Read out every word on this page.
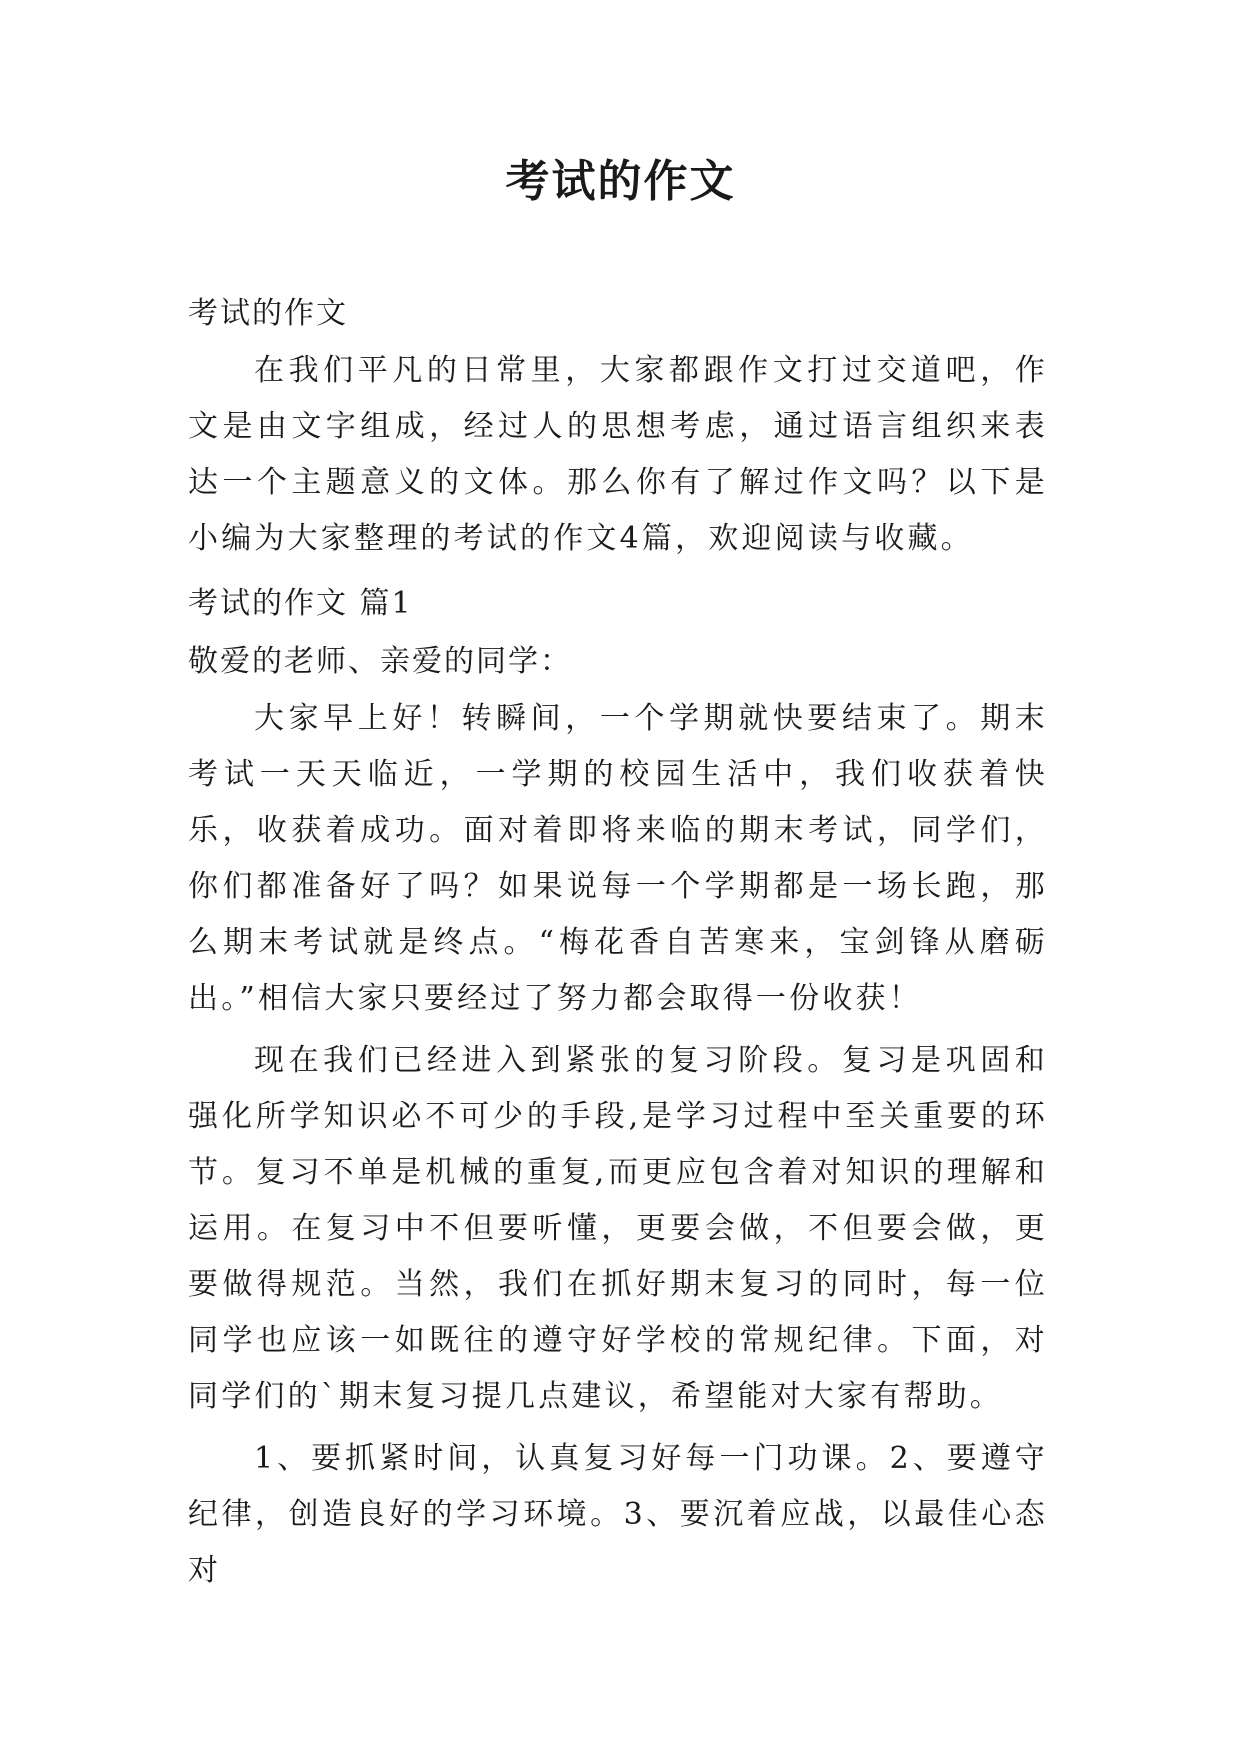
考试的作文
考试的作文

在我们平凡的日常里，大家都跟作文打过交道吧，作文是由文字组成，经过人的思想考虑，通过语言组织来表达一个主题意义的文体。那么你有了解过作文吗？以下是小编为大家整理的考试的作文4篇，欢迎阅读与收藏。

考试的作文 篇1
敬爱的老师、亲爱的同学：

大家早上好！转瞬间，一个学期就快要结束了。期末考试一天天临近，一学期的校园生活中，我们收获着快乐，收获着成功。面对着即将来临的期末考试，同学们，你们都准备好了吗？如果说每一个学期都是一场长跑，那么期末考试就是终点。“梅花香自苦寒来，宝剑锋从磨砺出。”相信大家只要经过了努力都会取得一份收获！

现在我们已经进入到紧张的复习阶段。复习是巩固和强化所学知识必不可少的手段,是学习过程中至关重要的环节。复习不单是机械的重复,而更应包含着对知识的理解和运用。在复习中不但要听懂，更要会做，不但要会做，更要做得规范。当然，我们在抓好期末复习的同时，每一位同学也应该一如既往的遵守好学校的常规纪律。下面，对同学们的`期末复习提几点建议，希望能对大家有帮助。

1、要抓紧时间，认真复习好每一门功课。2、要遵守纪律，创造良好的学习环境。3、要沉着应战，以最佳心态对
